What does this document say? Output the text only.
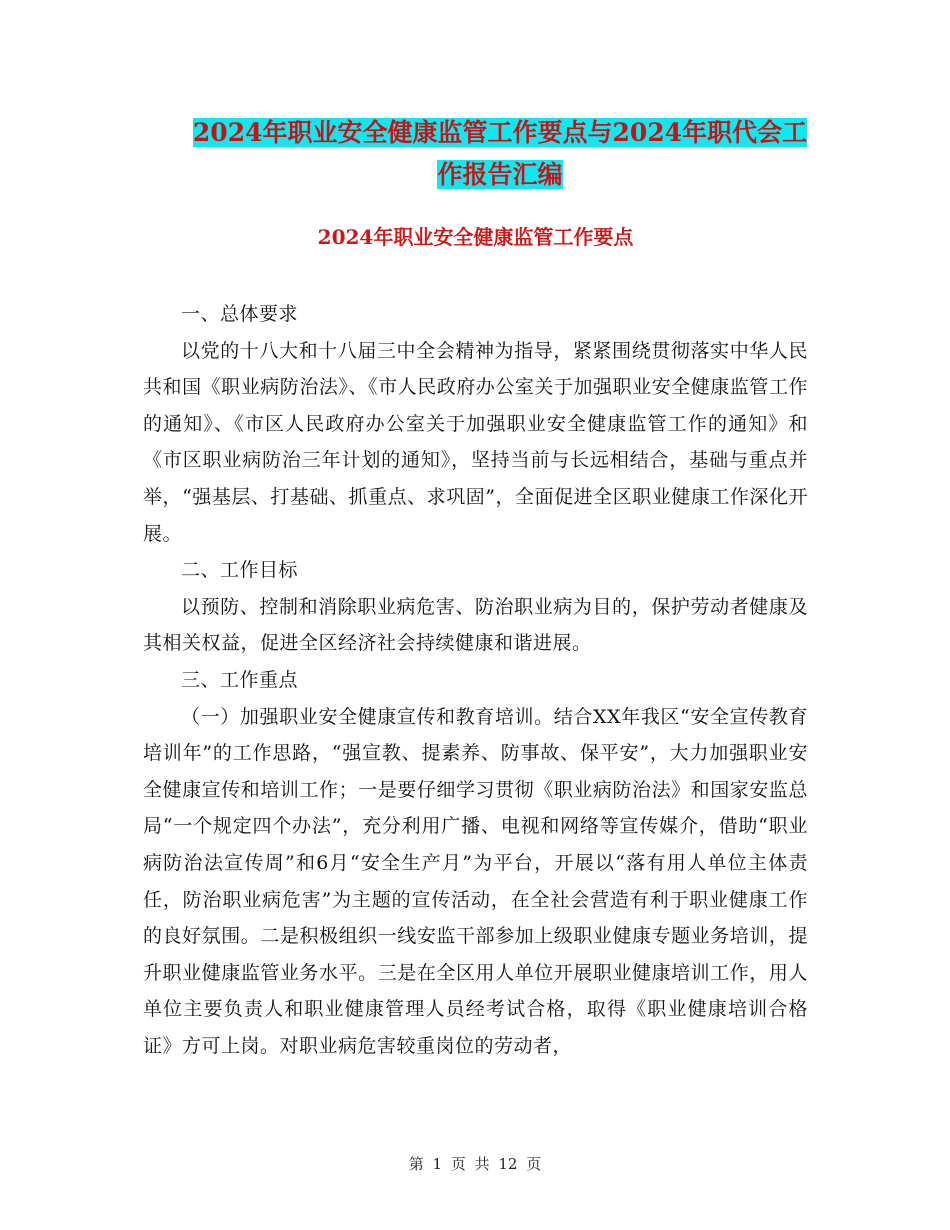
2024年职业安全健康监管工作要点与2024年职代会工
作报告汇编
2024年职业安全健康监管工作要点

一、总体要求

以党的十八大和十八届三中全会精神为指导，紧紧围绕贯彻落实中华人民共和国《职业病防治法》、《市人民政府办公室关于加强职业安全健康监管工作的通知》、《市区人民政府办公室关于加强职业安全健康监管工作的通知》和《市区职业病防治三年计划的通知》，坚持当前与长远相结合，基础与重点并举，“强基层、打基础、抓重点、求巩固”，全面促进全区职业健康工作深化开展。

二、工作目标

以预防、控制和消除职业病危害、防治职业病为目的，保护劳动者健康及其相关权益，促进全区经济社会持续健康和谐进展。

三、工作重点

（一）加强职业安全健康宣传和教育培训。结合XX年我区“安全宣传教育培训年”的工作思路，“强宣教、提素养、防事故、保平安”，大力加强职业安全健康宣传和培训工作；一是要仔细学习贯彻《职业病防治法》和国家安监总局“一个规定四个办法”，充分利用广播、电视和网络等宣传媒介，借助“职业病防治法宣传周”和6月“安全生产月”为平台，开展以“落有用人单位主体责任，防治职业病危害”为主题的宣传活动，在全社会营造有利于职业健康工作的良好氛围。二是积极组织一线安监干部参加上级职业健康专题业务培训，提升职业健康监管业务水平。三是在全区用人单位开展职业健康培训工作，用人单位主要负责人和职业健康管理人员经考试合格，取得《职业健康培训合格证》方可上岗。对职业病危害较重岗位的劳动者，

第 1 页 共 12 页
